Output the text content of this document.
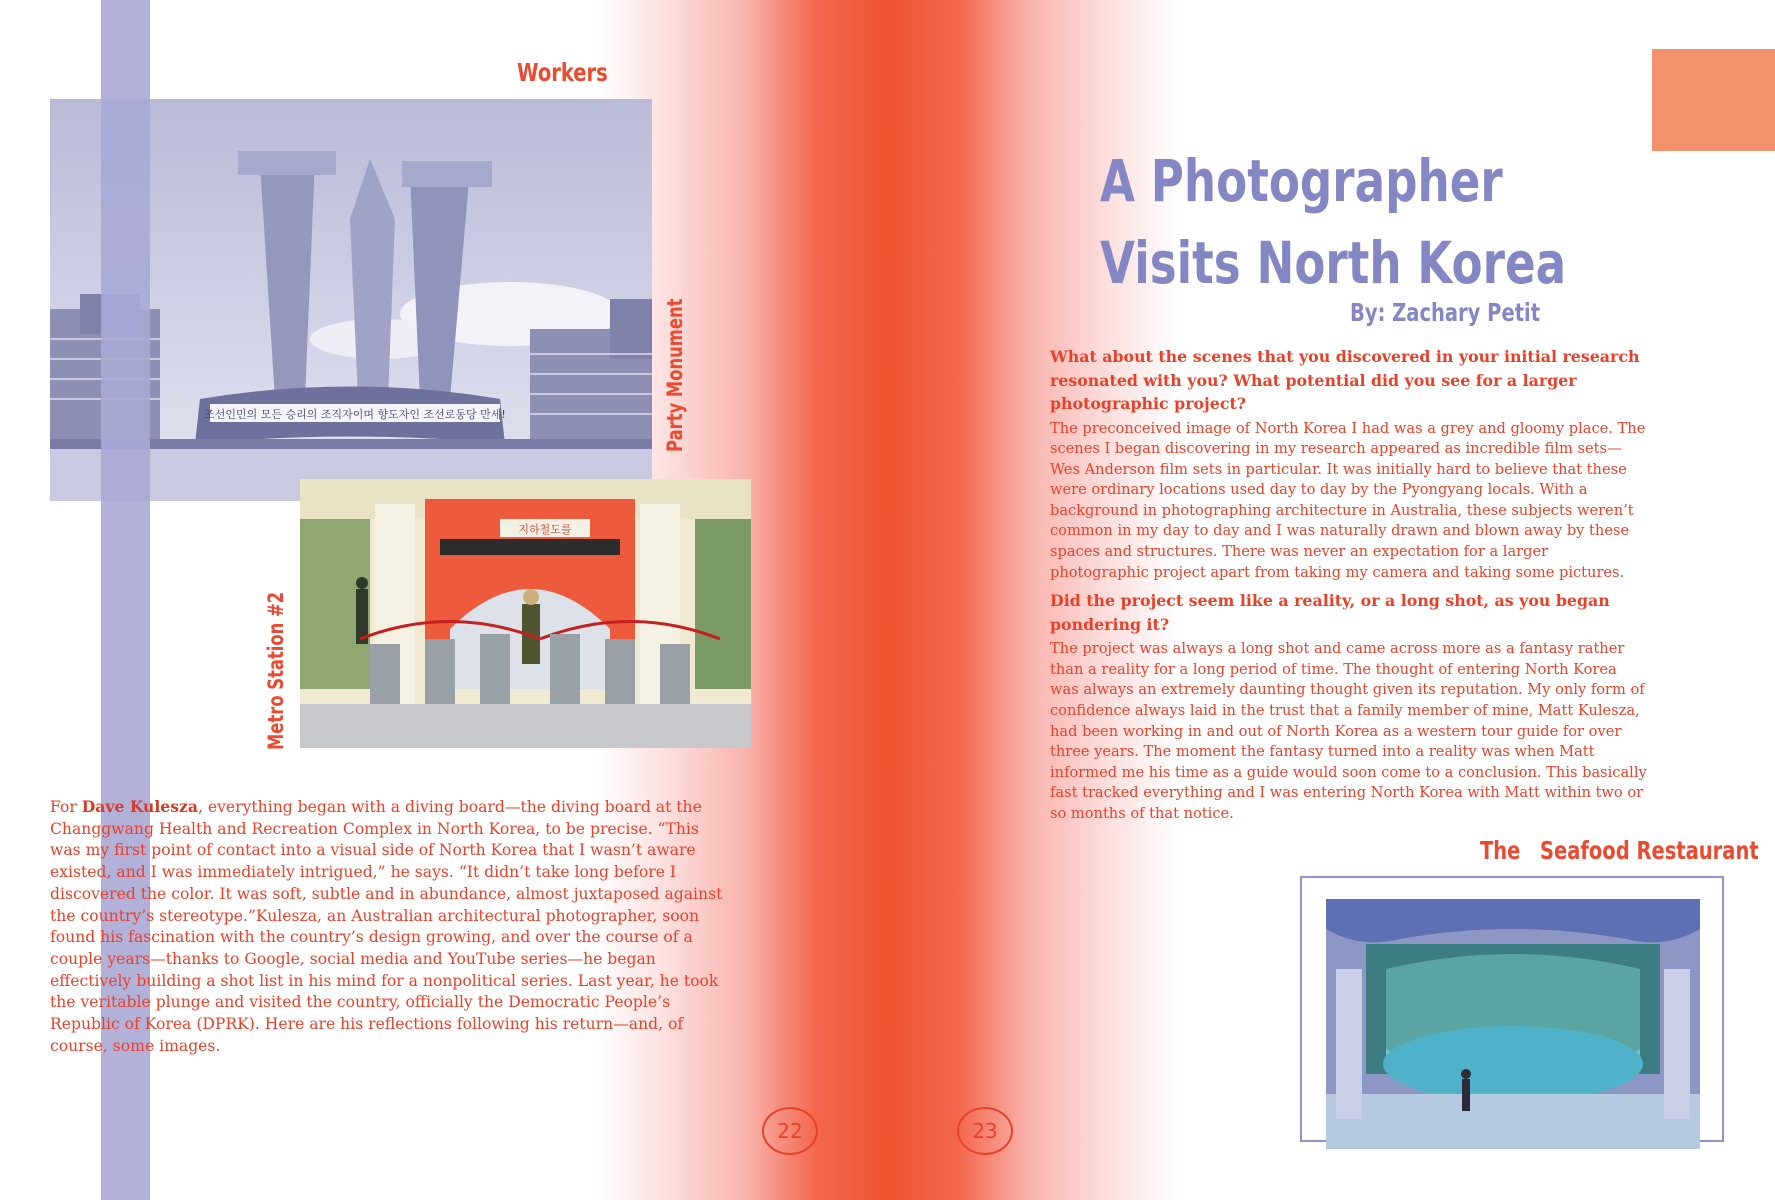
조선인민의 모든 승리의 조직자이며 향도자인 조선로동당 만세!
지하철도를
Workers
Party Monument
Metro Station #2
The Seafood Restaurant
A Photographer
Visits North Korea
By: Zachary Petit

For Dave Kulesza, everything began with a diving board—the diving board at the Changgwang Health and Recreation Complex in North Korea, to be precise. “This was my first point of contact into a visual side of North Korea that I wasn’t aware existed, and I was immediately intrigued,” he says. “It didn’t take long before I discovered the color. It was soft, subtle and in abundance, almost juxtaposed against the country’s stereotype.”Kulesza, an Australian architectural photographer, soon found his fascination with the country’s design growing, and over the course of a couple years—thanks to Google, social media and YouTube series—he began effectively building a shot list in his mind for a nonpolitical series. Last year, he took the veritable plunge and visited the country, officially the Democratic People’s Republic of Korea (DPRK). Here are his reflections following his return—and, of course, some images.

What about the scenes that you discovered in your initial research resonated with you? What potential did you see for a larger photographic project?

The preconceived image of North Korea I had was a grey and gloomy place. The scenes I began discovering in my research appeared as incredible film sets—Wes Anderson film sets in particular. It was initially hard to believe that these were ordinary locations used day to day by the Pyongyang locals. With a background in photographing architecture in Australia, these subjects weren’t common in my day to day and I was naturally drawn and blown away by these spaces and structures. There was never an expectation for a larger photographic project apart from taking my camera and taking some pictures.

Did the project seem like a reality, or a long shot, as you began pondering it?

The project was always a long shot and came across more as a fantasy rather than a reality for a long period of time. The thought of entering North Korea was always an extremely daunting thought given its reputation. My only form of confidence always laid in the trust that a family member of mine, Matt Kulesza, had been working in and out of North Korea as a western tour guide for over three years. The moment the fantasy turned into a reality was when Matt informed me his time as a guide would soon come to a conclusion. This basically fast tracked everything and I was entering North Korea with Matt within two or so months of that notice.

22	23
